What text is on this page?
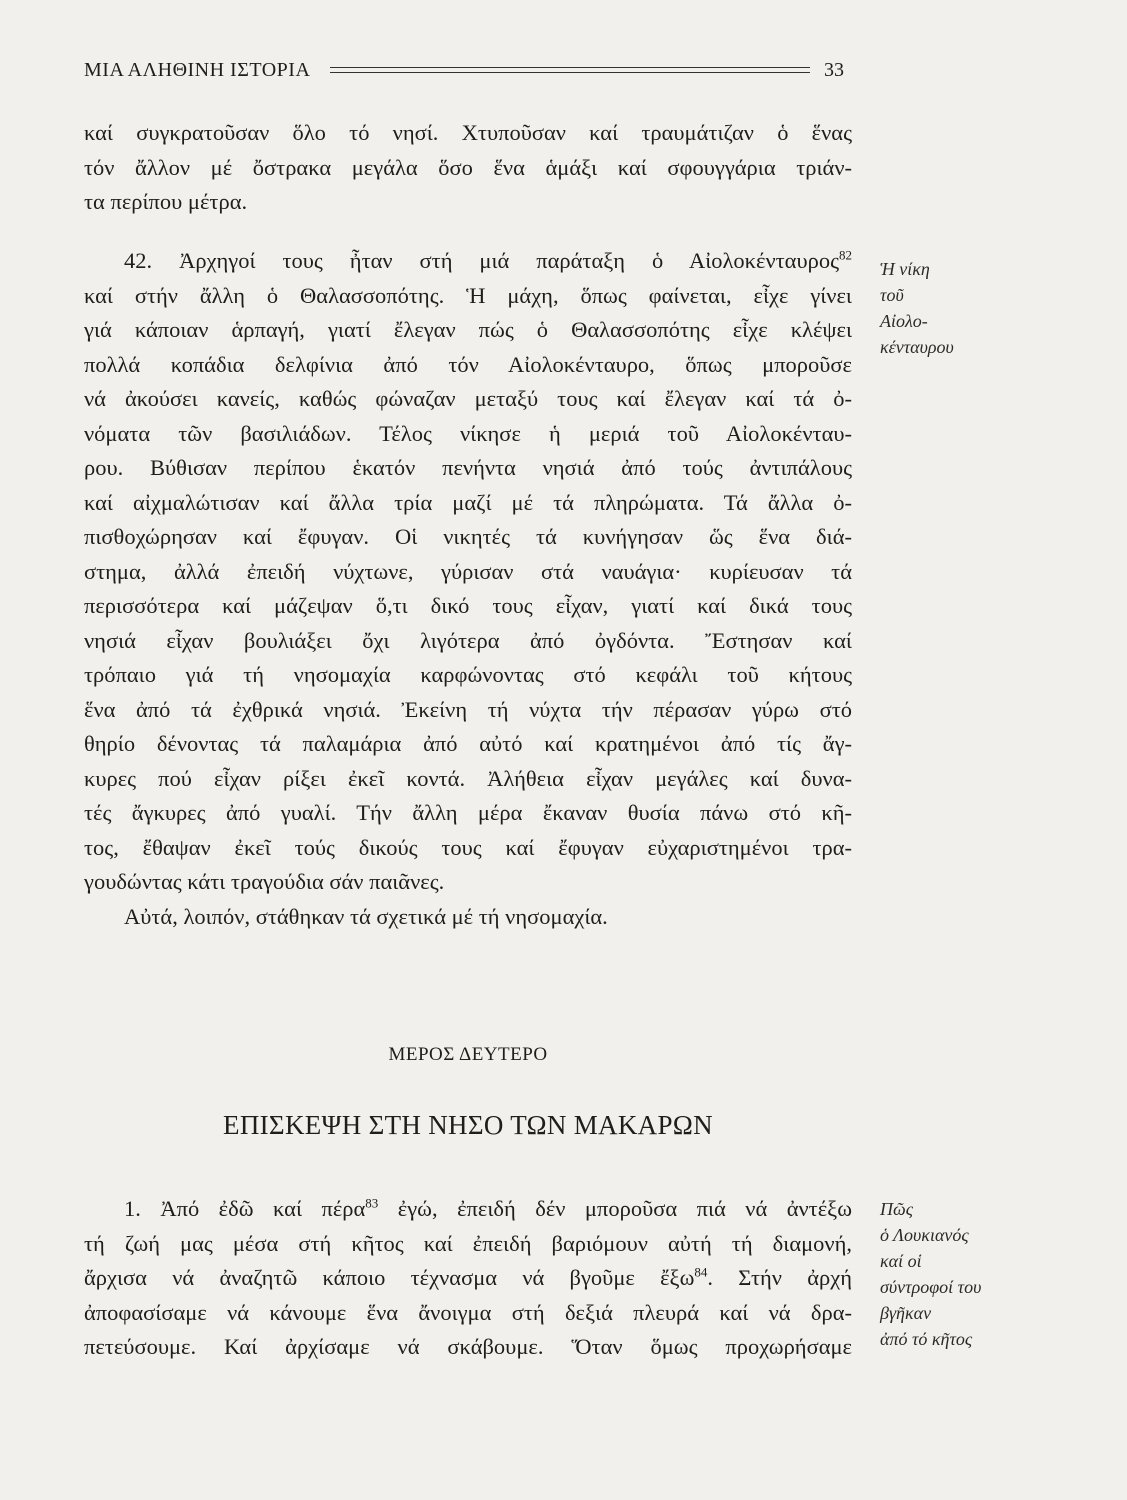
ΜΙΑ ΑΛΗΘΙΝΗ ΙΣΤΟΡΙΑ	33
καί συγκρατοῦσαν ὅλο τό νησί. Χτυποῦσαν καί τραυμάτιζαν ὁ ἕνας
τόν ἄλλον μέ ὄστρακα μεγάλα ὅσο ἕνα ἁμάξι καί σφουγγάρια τριάν-
τα περίπου μέτρα.
42. Ἀρχηγοί τους ἦταν στή μιά παράταξη ὁ Αἰολοκένταυρος$^{82}$
καί στήν ἄλλη ὁ Θαλασσοπότης. Ἡ μάχη, ὅπως φαίνεται, εἶχε γίνει
γιά κάποιαν ἁρπαγή, γιατί ἔλεγαν πώς ὁ Θαλασσοπότης εἶχε κλέψει
πολλά κοπάδια δελφίνια ἀπό τόν Αἰολοκένταυρο, ὅπως μποροῦσε
νά ἀκούσει κανείς, καθώς φώναζαν μεταξύ τους καί ἔλεγαν καί τά ὀ-
νόματα τῶν βασιλιάδων. Τέλος νίκησε ἡ μεριά τοῦ Αἰολοκένταυ-
ρου. Βύθισαν περίπου ἑκατόν πενήντα νησιά ἀπό τούς ἀντιπάλους
καί αἰχμαλώτισαν καί ἄλλα τρία μαζί μέ τά πληρώματα. Τά ἄλλα ὀ-
πισθοχώρησαν καί ἔφυγαν. Οἱ νικητές τά κυνήγησαν ὥς ἕνα διά-
στημα, ἀλλά ἐπειδή νύχτωνε, γύρισαν στά ναυάγια· κυρίευσαν τά
περισσότερα καί μάζεψαν ὅ,τι δικό τους εἶχαν, γιατί καί δικά τους
νησιά εἶχαν βουλιάξει ὄχι λιγότερα ἀπό ὀγδόντα. Ἔστησαν καί
τρόπαιο γιά τή νησομαχία καρφώνοντας στό κεφάλι τοῦ κήτους
ἕνα ἀπό τά ἐχθρικά νησιά. Ἐκείνη τή νύχτα τήν πέρασαν γύρω στό
θηρίο δένοντας τά παλαμάρια ἀπό αὐτό καί κρατημένοι ἀπό τίς ἄγ-
κυρες πού εἶχαν ρίξει ἐκεῖ κοντά. Ἀλήθεια εἶχαν μεγάλες καί δυνα-
τές ἄγκυρες ἀπό γυαλί. Τήν ἄλλη μέρα ἔκαναν θυσία πάνω στό κῆ-
τος, ἔθαψαν ἐκεῖ τούς δικούς τους καί ἔφυγαν εὐχαριστημένοι τρα-
γουδώντας κάτι τραγούδια σάν παιᾶνες.
Αὐτά, λοιπόν, στάθηκαν τά σχετικά μέ τή νησομαχία.
Ἡ νίκη
τοῦ
Αἰολο-
κένταυρου
ΜΕΡΟΣ ΔΕΥΤΕΡΟ
ΕΠΙΣΚΕΨΗ ΣΤΗ ΝΗΣΟ ΤΩΝ ΜΑΚΑΡΩΝ
1. Ἀπό ἐδῶ καί πέρα$^{83}$ ἐγώ, ἐπειδή δέν μποροῦσα πιά νά ἀντέξω
τή ζωή μας μέσα στή κῆτος καί ἐπειδή βαριόμουν αὐτή τή διαμονή,
ἄρχισα νά ἀναζητῶ κάποιο τέχνασμα νά βγοῦμε ἔξω$^{84}$. Στήν ἀρχή
ἀποφασίσαμε νά κάνουμε ἕνα ἄνοιγμα στή δεξιά πλευρά καί νά δρα-
πετεύσουμε. Καί ἀρχίσαμε νά σκάβουμε. Ὅταν ὅμως προχωρήσαμε
Πῶς
ὁ Λουκιανός
καί οἱ
σύντροφοί του
βγῆκαν
ἀπό τό κῆτος
